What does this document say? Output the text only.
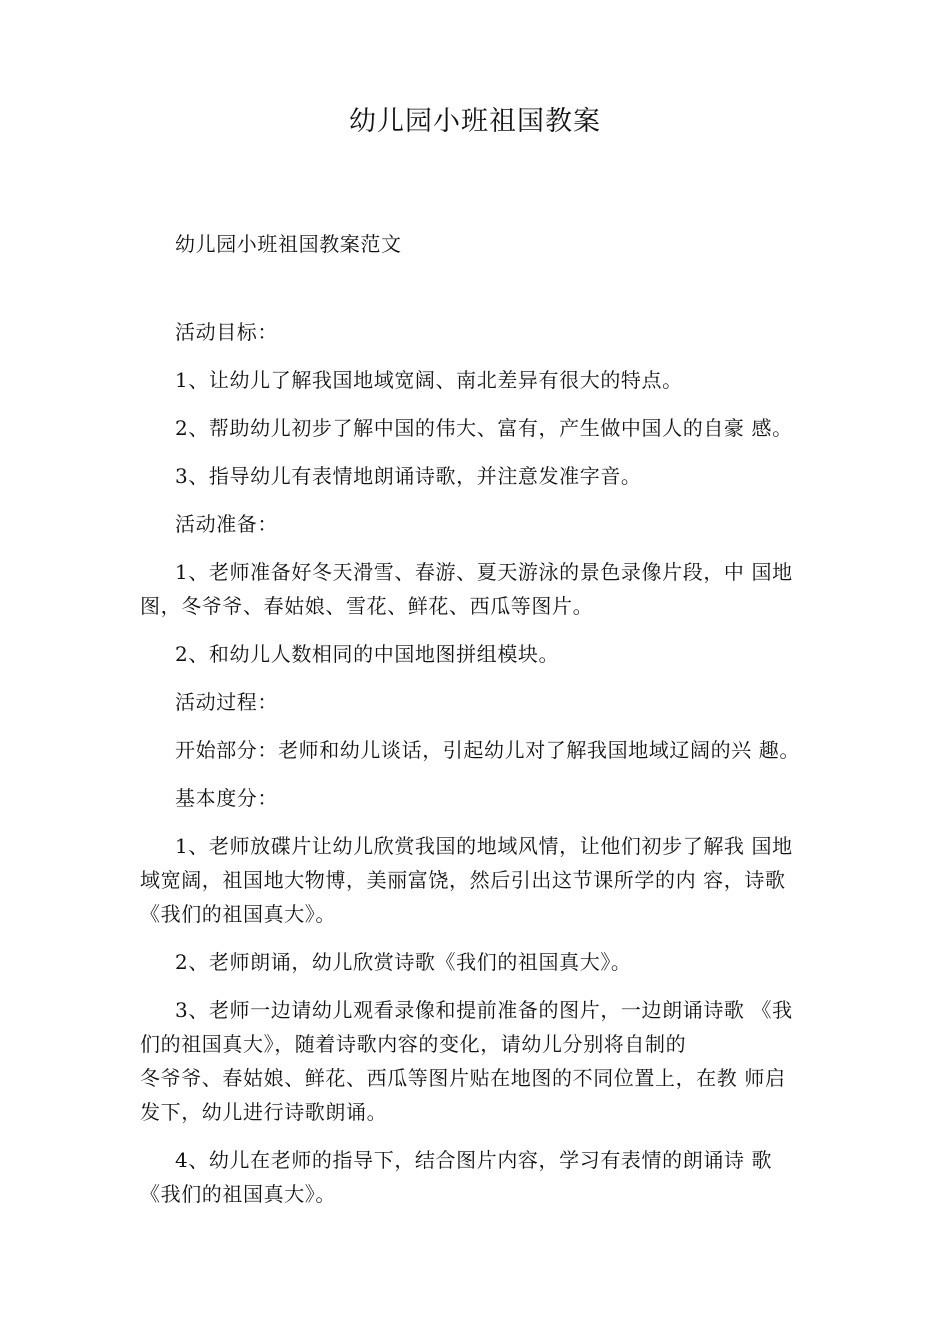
幼儿园小班祖国教案
幼儿园小班祖国教案范文
活动目标：
1、让幼儿了解我国地域宽阔、南北差异有很大的特点。
2、帮助幼儿初步了解中国的伟大、富有，产生做中国人的自豪 感。
3、指导幼儿有表情地朗诵诗歌，并注意发准字音。
活动准备：
1、老师准备好冬天滑雪、春游、夏天游泳的景色录像片段，中 国地
图，冬爷爷、春姑娘、雪花、鲜花、西瓜等图片。
2、和幼儿人数相同的中国地图拼组模块。
活动过程：
开始部分：老师和幼儿谈话，引起幼儿对了解我国地域辽阔的兴 趣。
基本度分：
1、老师放碟片让幼儿欣赏我国的地域风情，让他们初步了解我 国地
域宽阔，祖国地大物博，美丽富饶，然后引出这节课所学的内 容，诗歌
《我们的祖国真大》。
2、老师朗诵，幼儿欣赏诗歌《我们的祖国真大》。
3、老师一边请幼儿观看录像和提前准备的图片，一边朗诵诗歌 《我
们的祖国真大》，随着诗歌内容的变化，请幼儿分别将自制的
冬爷爷、春姑娘、鲜花、西瓜等图片贴在地图的不同位置上，在教 师启
发下，幼儿进行诗歌朗诵。
4、幼儿在老师的指导下，结合图片内容，学习有表情的朗诵诗 歌
《我们的祖国真大》。
